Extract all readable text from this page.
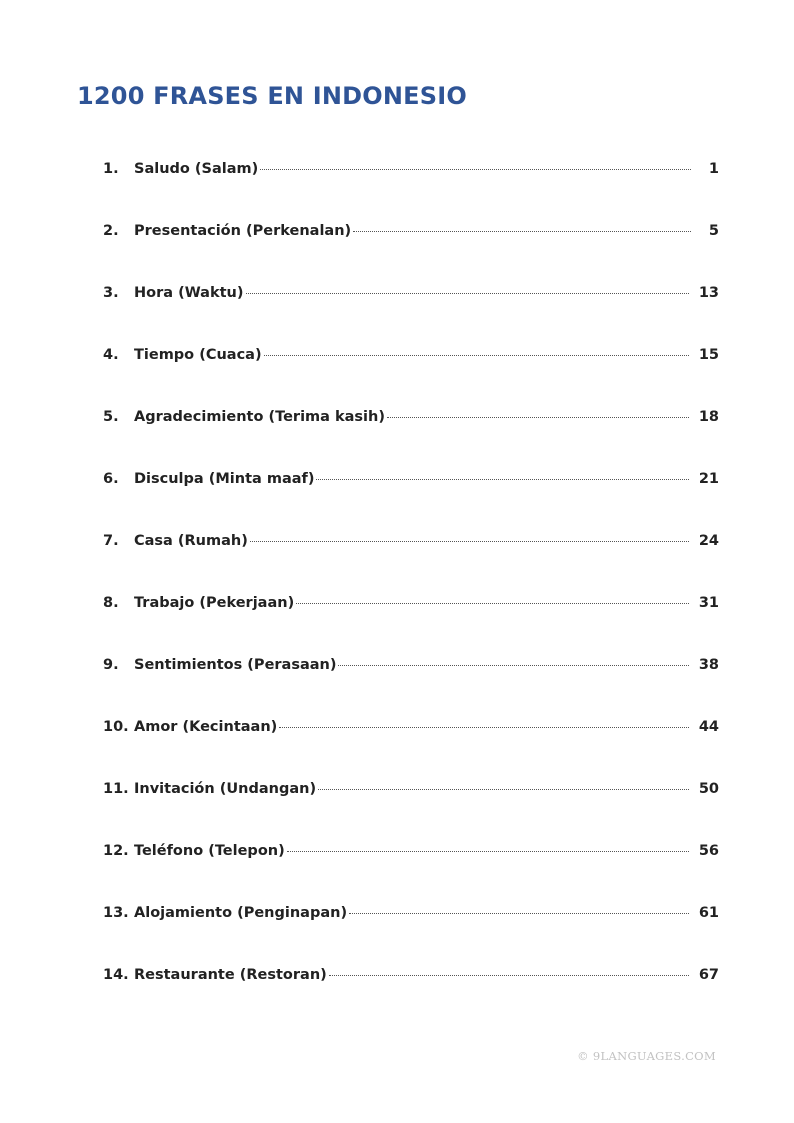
1200 FRASES EN INDONESIO
1.	Saludo (Salam)	1
2.	Presentación (Perkenalan)	5
3.	Hora (Waktu)	13
4.	Tiempo (Cuaca)	15
5.	Agradecimiento (Terima kasih)	18
6.	Disculpa (Minta maaf)	21
7.	Casa (Rumah)	24
8.	Trabajo (Pekerjaan)	31
9.	Sentimientos (Perasaan)	38
10. Amor (Kecintaan)	44
11. Invitación (Undangan)	50
12. Teléfono (Telepon)	56
13. Alojamiento (Penginapan)	61
14. Restaurante (Restoran)	67
© 9LANGUAGES.COM
